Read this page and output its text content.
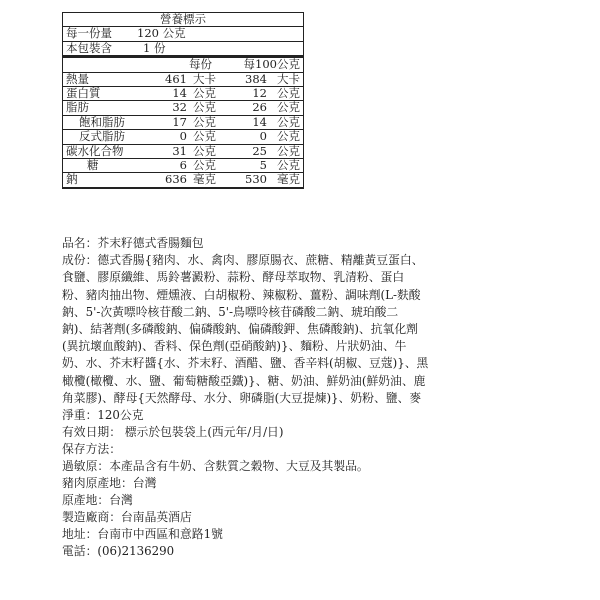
營養標示
每一份量 120 公克
本包裝含	1 份
每份	每100公克
熱量	461 大卡	384 大卡
蛋白質	14 公克	12 公克
脂肪	32 公克	26 公克
飽和脂肪	17 公克	14 公克
反式脂肪	0 公克	0 公克
碳水化合物	31 公克	25 公克
糖	6 公克	5 公克
鈉	636 毫克	530 毫克

品名：芥末籽德式香腸麵包

成份：德式香腸{豬肉、水、禽肉、膠原腸衣、蔗糖、精離黃豆蛋白、
食鹽、膠原纖維、馬鈴薯澱粉、蒜粉、酵母萃取物、乳清粉、蛋白
粉、豬肉抽出物、煙燻液、白胡椒粉、辣椒粉、薑粉、調味劑(L-麩酸
鈉、5'-次黃嘌呤核苷酸二鈉、5'-鳥嘌呤核苷磷酸二鈉、琥珀酸二
鈉)、結著劑(多磷酸鈉、偏磷酸鈉、偏磷酸鉀、焦磷酸鈉)、抗氧化劑
(異抗壞血酸鈉)、香料、保色劑(亞硝酸鈉)}、麵粉、片狀奶油、牛
奶、水、芥末籽醬{水、芥末籽、酒醋、鹽、香辛料(胡椒、豆蔻)}、黑
橄欖(橄欖、水、鹽、葡萄糖酸亞鐵)}、糖、奶油、鮮奶油(鮮奶油、鹿
角菜膠)、酵母{天然酵母、水分、卵磷脂(大豆提煉)}、奶粉、鹽、麥
淨重：120公克
有效日期： 標示於包裝袋上(西元年/月/日)
保存方法：
過敏原：本產品含有牛奶、含麩質之穀物、大豆及其製品。
豬肉原產地：台灣
原產地：台灣
製造廠商：台南晶英酒店
地址：台南市中西區和意路1號
電話：(06)2136290
